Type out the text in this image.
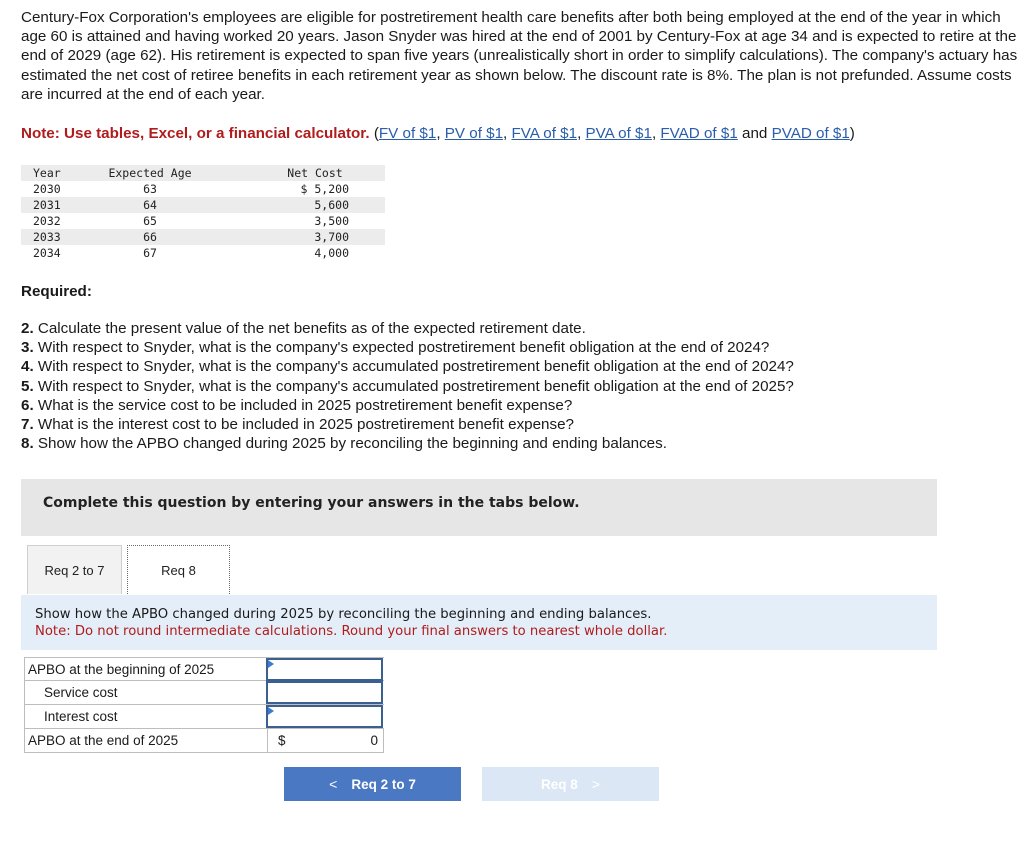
Century-Fox Corporation's employees are eligible for postretirement health care benefits after both being employed at the end of the year in which age 60 is attained and having worked 20 years. Jason Snyder was hired at the end of 2001 by Century-Fox at age 34 and is expected to retire at the end of 2029 (age 62). His retirement is expected to span five years (unrealistically short in order to simplify calculations). The company's actuary has estimated the net cost of retiree benefits in each retirement year as shown below. The discount rate is 8%. The plan is not prefunded. Assume costs are incurred at the end of each year.

Note: Use tables, Excel, or a financial calculator. (FV of $1, PV of $1, FVA of $1, PVA of $1, FVAD of $1 and PVAD of $1)
Year	Expected Age		Net Cost
2030	63		$ 5,200
2031	64		5,600
2032	65		3,500
2033	66		3,700
2034	67		4,000
Required:
2. Calculate the present value of the net benefits as of the expected retirement date.
3. With respect to Snyder, what is the company's expected postretirement benefit obligation at the end of 2024?
4. With respect to Snyder, what is the company's accumulated postretirement benefit obligation at the end of 2024?
5. With respect to Snyder, what is the company's accumulated postretirement benefit obligation at the end of 2025?
6. What is the service cost to be included in 2025 postretirement benefit expense?
7. What is the interest cost to be included in 2025 postretirement benefit expense?
8. Show how the APBO changed during 2025 by reconciling the beginning and ending balances.
Complete this question by entering your answers in the tabs below.
Req 2 to 7	Req 8
Show how the APBO changed during 2025 by reconciling the beginning and ending balances.
Note: Do not round intermediate calculations. Round your final answers to nearest whole dollar.
APBO at the beginning of 2025
Service cost
Interest cost
APBO at the end of 2025	$	0
< Req 2 to 7	Req 8 >
